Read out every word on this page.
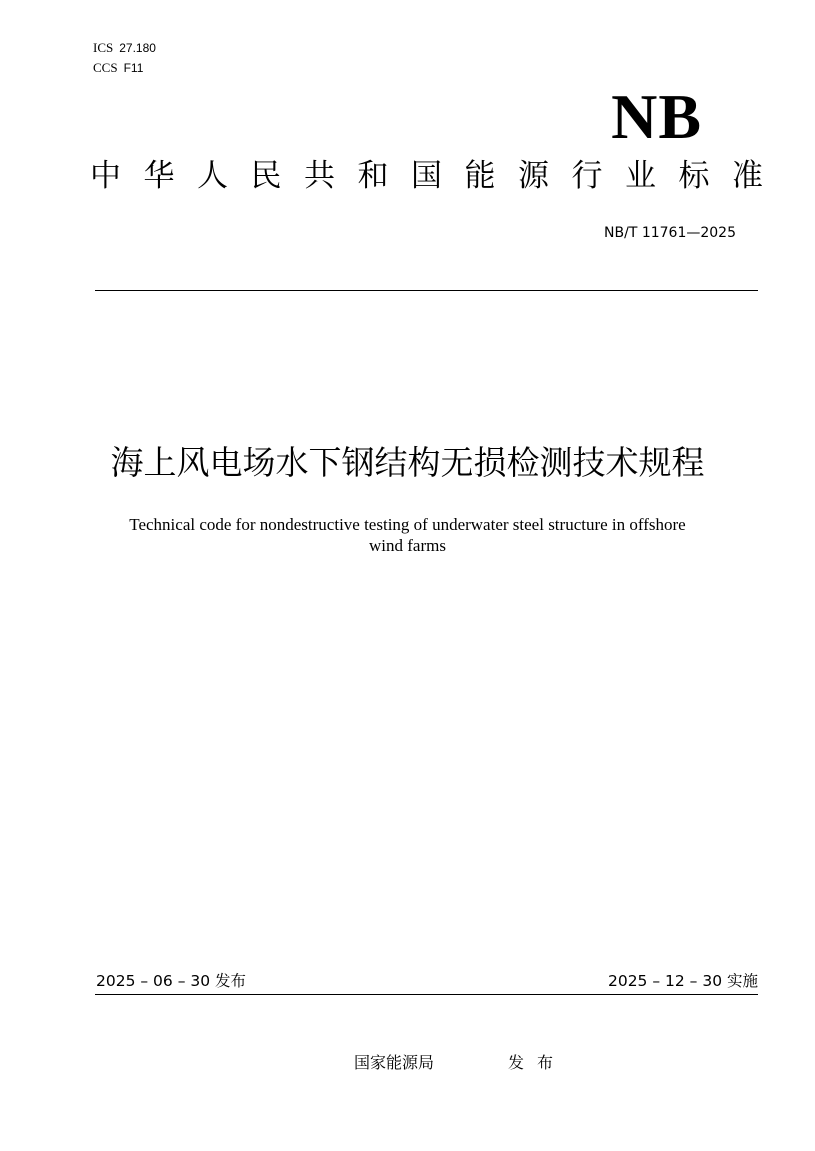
ICS 27.180
CCS F11
NB
中华人民共和国能源行业标准
NB/T 11761—2025
海上风电场水下钢结构无损检测技术规程
Technical code for nondestructive testing of underwater steel structure in offshore
wind farms
2025 – 06 – 30 发布	2025 – 12 – 30 实施
国家能源局	发布
